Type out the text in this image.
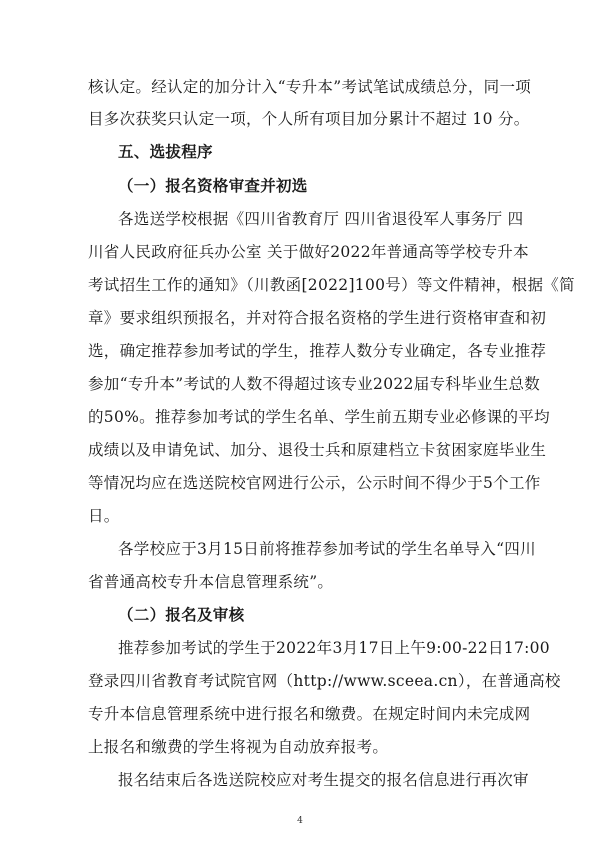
核认定。经认定的加分计入“专升本”考试笔试成绩总分，同一项
目多次获奖只认定一项，个人所有项目加分累计不超过 10 分。
五、选拔程序
（一）报名资格审查并初选
各选送学校根据《四川省教育厅 四川省退役军人事务厅 四
川省人民政府征兵办公室 关于做好2022年普通高等学校专升本
考试招生工作的通知》（川教函[2022]100号）等文件精神，根据《简
章》要求组织预报名，并对符合报名资格的学生进行资格审查和初
选，确定推荐参加考试的学生，推荐人数分专业确定，各专业推荐
参加“专升本”考试的人数不得超过该专业2022届专科毕业生总数
的50%。推荐参加考试的学生名单、学生前五期专业必修课的平均
成绩以及申请免试、加分、退役士兵和原建档立卡贫困家庭毕业生
等情况均应在选送院校官网进行公示，公示时间不得少于5个工作
日。
各学校应于3月15日前将推荐参加考试的学生名单导入“四川
省普通高校专升本信息管理系统”。
（二）报名及审核
推荐参加考试的学生于2022年3月17日上午9:00-22日17:00
登录四川省教育考试院官网（http://www.sceea.cn），在普通高校
专升本信息管理系统中进行报名和缴费。在规定时间内未完成网
上报名和缴费的学生将视为自动放弃报考。
报名结束后各选送院校应对考生提交的报名信息进行再次审
4
